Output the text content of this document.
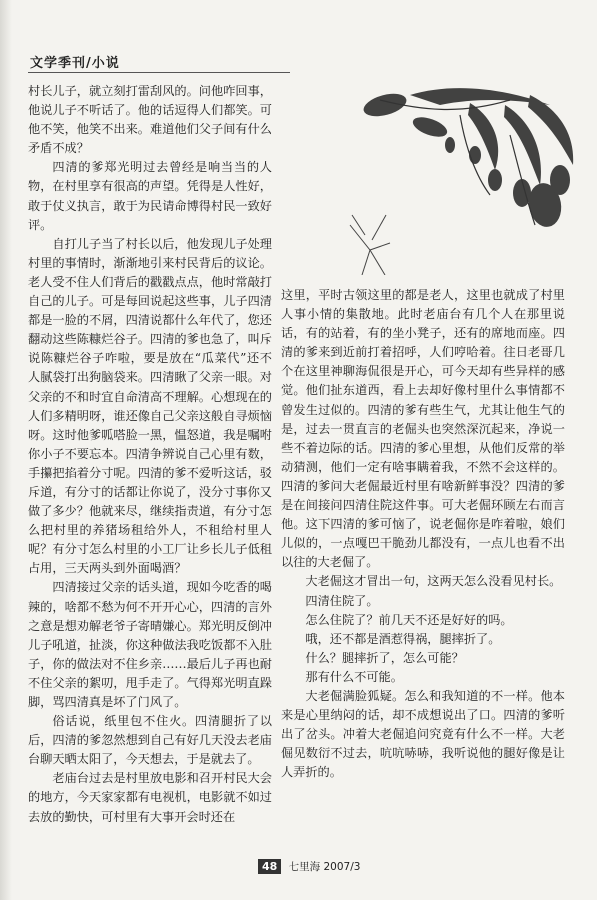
文学季刊/小说

村长儿子，就立刻打雷刮风的。问他咋回事，他说儿子不听话了。他的话逗得人们都笑。可他不笑，他笑不出来。难道他们父子间有什么矛盾不成？

四清的爹郑光明过去曾经是响当当的人物，在村里享有很高的声望。凭得是人性好，敢于仗义执言，敢于为民请命博得村民一致好评。

自打儿子当了村长以后，他发现儿子处理村里的事情时，渐渐地引来村民背后的议论。老人受不住人们背后的戳戳点点，他时常敲打自己的儿子。可是每回说起这些事，儿子四清都是一脸的不屑，四清说都什么年代了，您还翻动这些陈糠烂谷子。四清的爹也急了，叫斥说陈糠烂谷子咋啦，要是放在“瓜菜代”还不人腻袋打出狗脑袋来。四清瞅了父亲一眼。对父亲的不和时宜自命清高不理解。心想现在的人们多精明呀，谁还像自己父亲这般自寻烦恼呀。这时他爹呱嗒脸一黑，愠怒道，我是嘱咐你小子不要忘本。四清争辨说自己心里有数，手攥把掐着分寸呢。四清的爹不爱听这话，驳斥道，有分寸的话都让你说了，没分寸事你又做了多少？他就来尽，继续指责道，有分寸怎么把村里的养猪场租给外人，不租给村里人呢？有分寸怎么村里的小工厂让乡长儿子低租占用，三天两头到外面喝酒？

四清接过父亲的话头道，现如今吃香的喝辣的，啥都不愁为何不开开心心，四清的言外之意是想劝解老爷子寄晴嫌心。郑光明反倒冲儿子吼道，扯淡，你这种做法我吃饭都不入肚子，你的做法对不住乡亲……最后儿子再也耐不住父亲的絮叨，甩手走了。气得郑光明直跺脚，骂四清真是坏了门风了。

俗话说，纸里包不住火。四清腿折了以后，四清的爹忽然想到自己有好几天没去老庙台聊天晒太阳了，今天想去，于是就去了。

老庙台过去是村里放电影和召开村民大会的地方，今天家家都有电视机，电影就不如过去放的勤快，可村里有大事开会时还在

这里，平时古领这里的都是老人，这里也就成了村里人事小情的集散地。此时老庙台有几个人在那里说话，有的站着，有的坐小凳子，还有的席地而座。四清的爹来到近前打着招呼，人们哼哈着。往日老哥几个在这里神聊海侃很是开心，可今天却有些异样的感觉。他们扯东道西，看上去却好像村里什么事情都不曾发生过似的。四清的爹有些生气，尤其让他生气的是，过去一贯直言的老倔头也突然深沉起来，净说一些不着边际的话。四清的爹心里想，从他们反常的举动猜测，他们一定有啥事瞒着我，不然不会这样的。四清的爹问大老倔最近村里有啥新鲜事没？四清的爹是在间接问四清住院这件事。可大老倔环顾左右而言他。这下四清的爹可恼了，说老倔你是咋着啦，娘们儿似的，一点嘎巴干脆劲儿都没有，一点儿也看不出以往的大老倔了。

大老倔这才冒出一句，这两天怎么没看见村长。

四清住院了。

怎么住院了？前几天不还是好好的吗。

哦，还不都是酒惹得祸，腿摔折了。

什么？腿摔折了，怎么可能？

那有什么不可能。

大老倔满脸狐疑。怎么和我知道的不一样。他本来是心里纳闷的话，却不成想说出了口。四清的爹听出了岔头。冲着大老倔追问究竟有什么不一样。大老倔见数衍不过去，吭吭哧哧，我听说他的腿好像是让人弄折的。

48 七里海 2007/3
